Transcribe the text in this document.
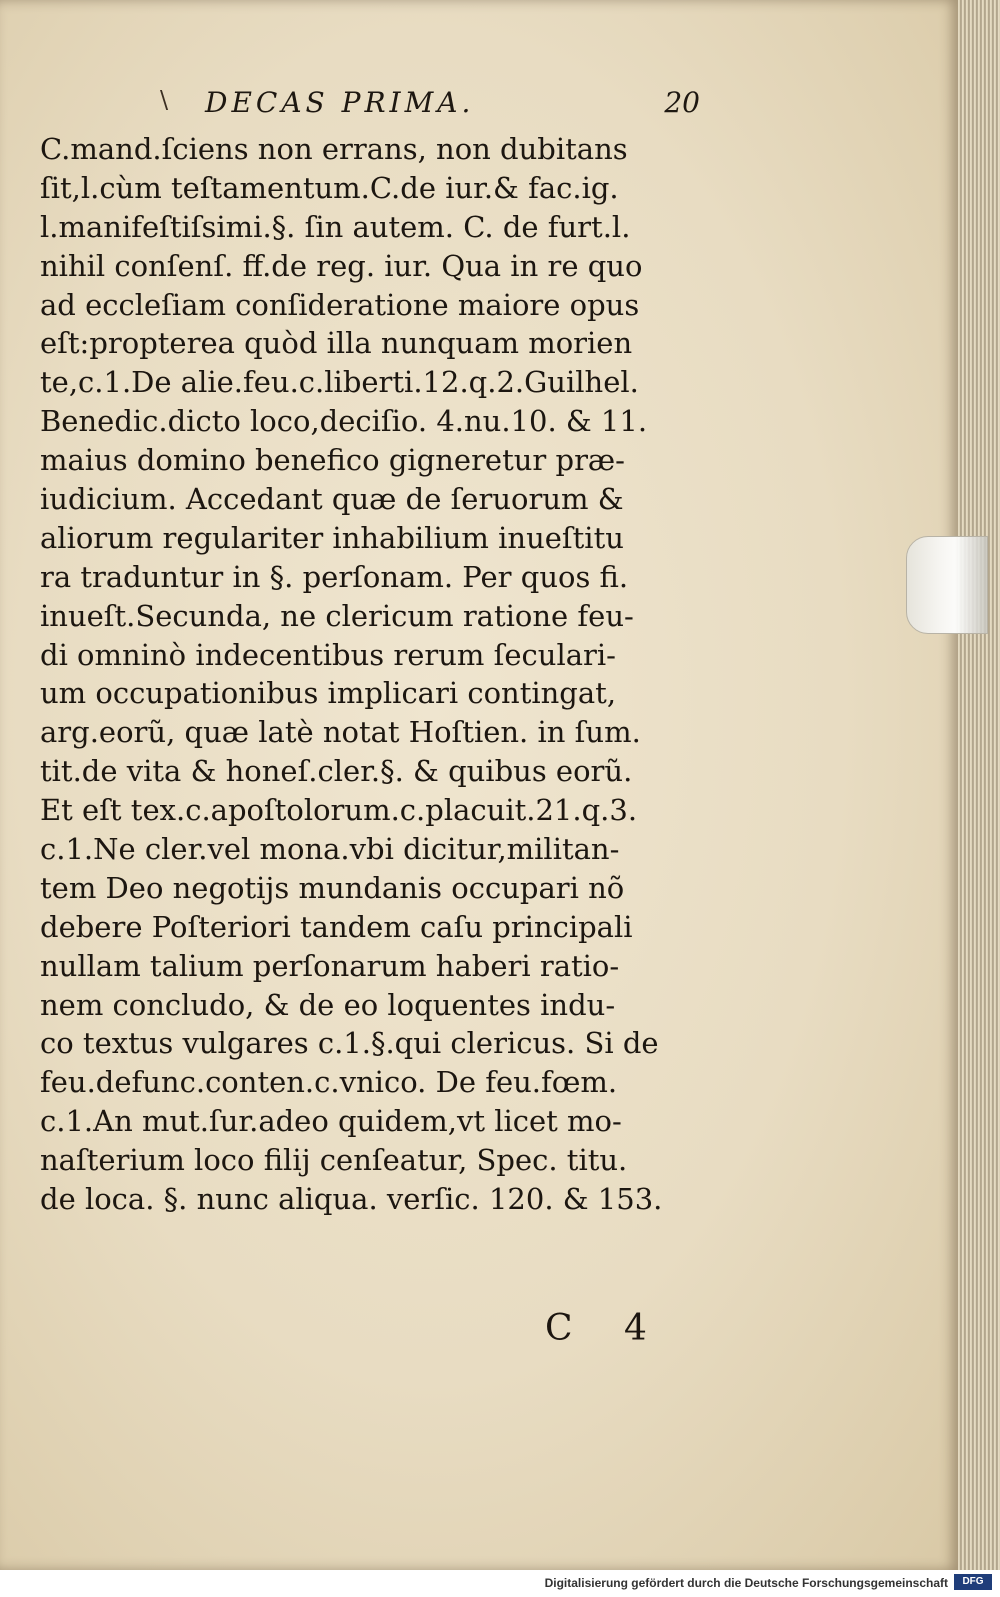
\ DECAS PRIMA.	20
C.mand.ſciens non errans, non dubitans
ſit,l.cùm teſtamentum.C.de iur.& fac.ig.
l.manifeſtiſsimi.§. ſin autem. C. de furt.l.
nihil conſenſ. ff.de reg. iur. Qua in re quo
ad eccleſiam conſideratione maiore opus
eſt:propterea quòd illa nunquam morien
te,c.1.De alie.feu.c.liberti.12.q.2.Guilhel.
Benedic.dicto loco,deciſio. 4.nu.10. & 11.
maius domino benefico gigneretur præ-
iudicium. Accedant quæ de ſeruorum &
aliorum regulariter inhabilium inueſtitu
ra traduntur in §. perſonam. Per quos fi.
inueſt.Secunda, ne clericum ratione feu-
di omninò indecentibus rerum ſeculari-
um occupationibus implicari contingat,
arg.eorũ, quæ latè notat Hoſtien. in ſum.
tit.de vita & honeſ.cler.§. & quibus eorũ.
Et eſt tex.c.apoſtolorum.c.placuit.21.q.3.
c.1.Ne cler.vel mona.vbi dicitur,militan-
tem Deo negotijs mundanis occupari nõ
debere Poſteriori tandem caſu principali
nullam talium perſonarum haberi ratio-
nem concludo, & de eo loquentes indu-
co textus vulgares c.1.§.qui clericus. Si de
feu.defunc.conten.c.vnico. De feu.fœm.
c.1.An mut.ſur.adeo quidem,vt licet mo-
naſterium loco filij cenſeatur, Spec. titu.
de loca. §. nunc aliqua. verſic. 120. & 153.
C 4
Digitalisierung gefördert durch die Deutsche Forschungsgemeinschaft	DFG
